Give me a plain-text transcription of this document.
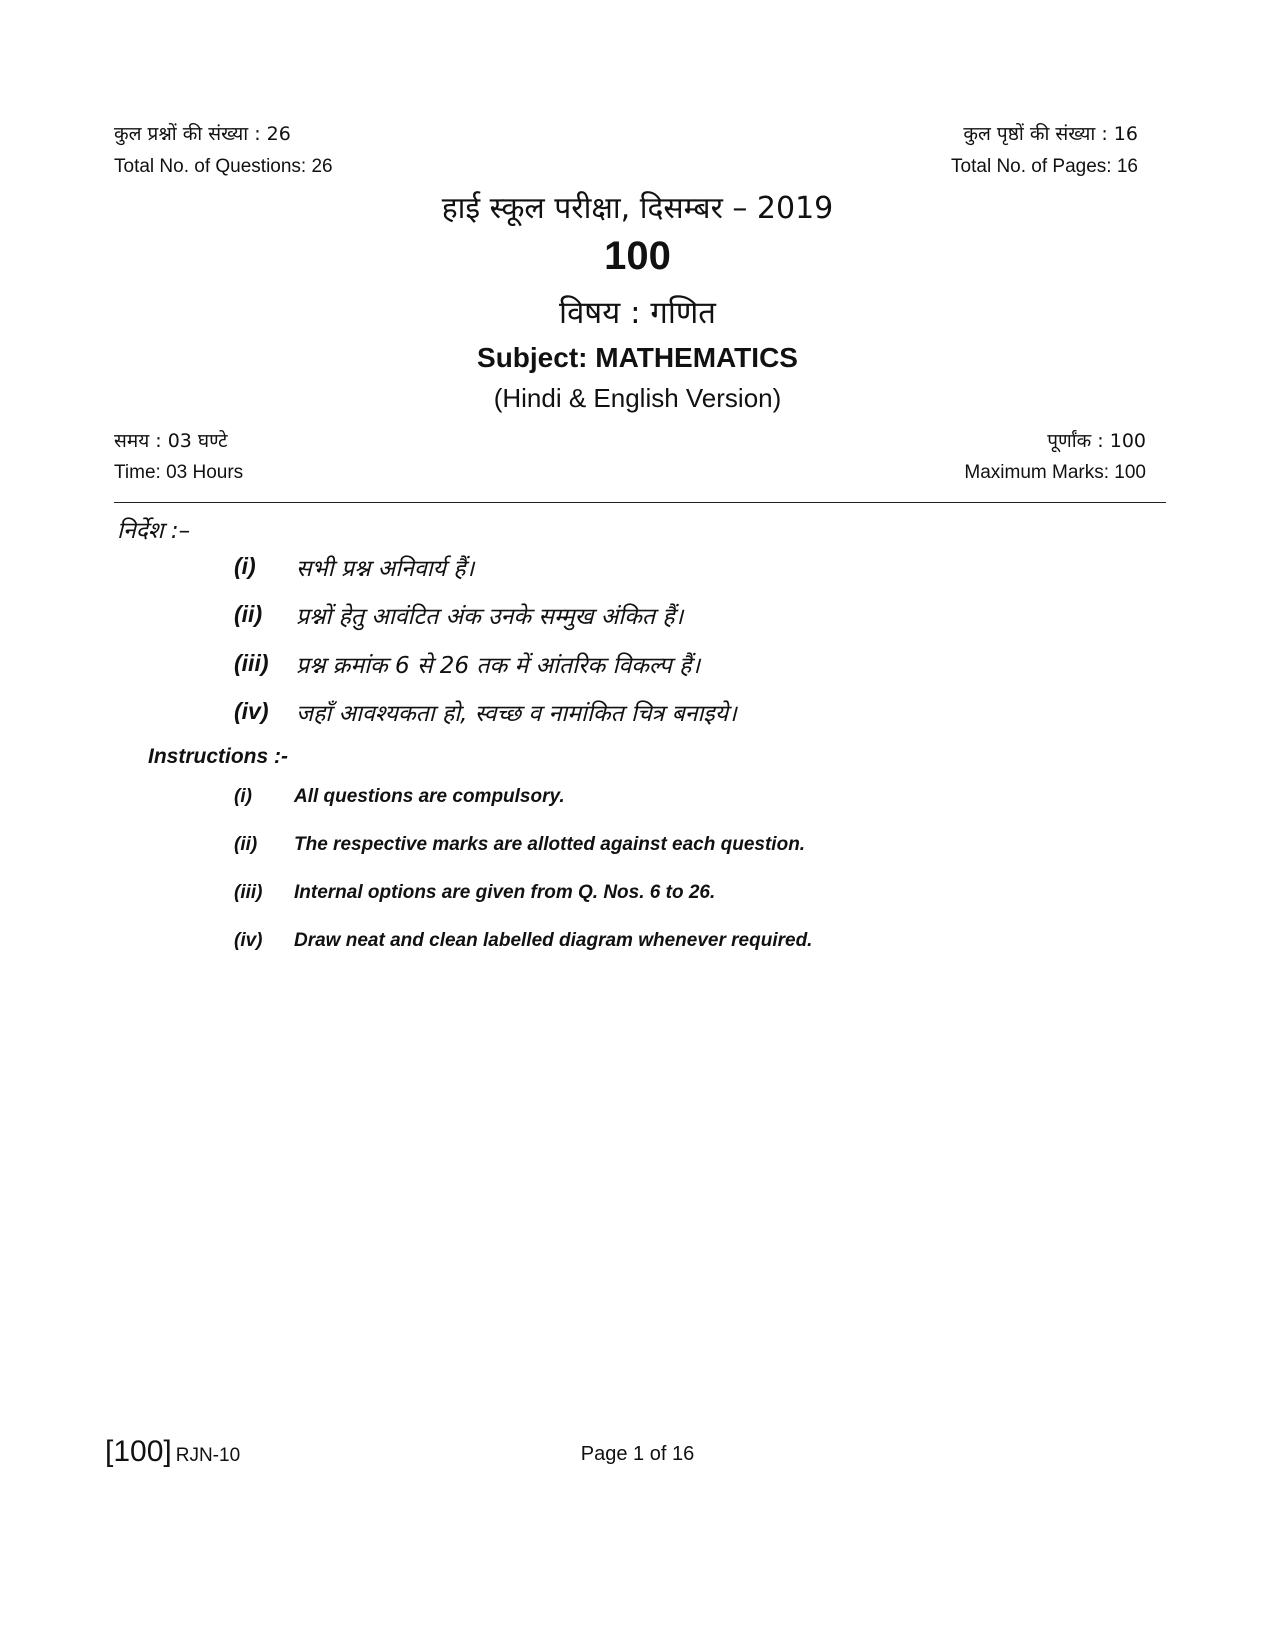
कुल प्रश्नों की संख्या : 26
Total No. of Questions: 26
कुल पृष्ठों की संख्या : 16
Total No. of Pages: 16
हाई स्कूल परीक्षा, दिसम्बर – 2019
100
विषय : गणित
Subject: MATHEMATICS
(Hindi & English Version)
समय : 03 घण्टे
Time: 03 Hours
पूर्णांक : 100
Maximum Marks: 100
निर्देश :–
(i) सभी प्रश्न अनिवार्य हैं।
(ii) प्रश्नों हेतु आवंटित अंक उनके सम्मुख अंकित हैं।
(iii) प्रश्न क्रमांक 6 से 26 तक में आंतरिक विकल्प हैं।
(iv) जहाँ आवश्यकता हो, स्वच्छ व नामांकित चित्र बनाइये।
Instructions :-
(i) All questions are compulsory.
(ii) The respective marks are allotted against each question.
(iii) Internal options are given from Q. Nos. 6 to 26.
(iv) Draw neat and clean labelled diagram whenever required.
[100] RJN-10	Page 1 of 16
